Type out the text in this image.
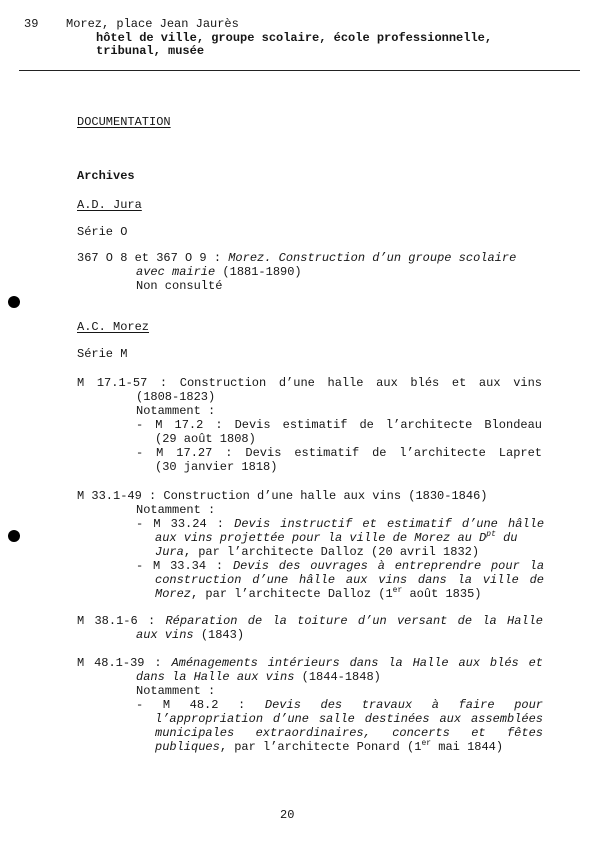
39 Morez, place Jean Jaurès
hôtel de ville, groupe scolaire, école professionnelle,
tribunal, musée
DOCUMENTATION
Archives
A.D. Jura
Série O
367 O 8 et 367 O 9 : Morez. Construction d’un groupe scolaire
avec mairie (1881-1890)
Non consulté
A.C. Morez
Série M
M 17.1-57 : Construction d’une halle aux blés et aux vins
(1808-1823)
Notamment :
- M 17.2 : Devis estimatif de l’architecte Blondeau
(29 août 1808)
- M 17.27 : Devis estimatif de l’architecte Lapret
(30 janvier 1818)
M 33.1-49 : Construction d’une halle aux vins (1830-1846)
Notamment :
- M 33.24 : Devis instructif et estimatif d’une hâlle
aux vins projettée pour la ville de Morez au $D^{pt}$ du
Jura, par l’architecte Dalloz (20 avril 1832)
- M 33.34 : Devis des ouvrages à entreprendre pour la
construction d’une hâlle aux vins dans la ville de
Morez, par l’architecte Dalloz (1er août 1835)
M 38.1-6 : Réparation de la toiture d’un versant de la Halle
aux vins (1843)
M 48.1-39 : Aménagements intérieurs dans la Halle aux blés et
dans la Halle aux vins (1844-1848)
Notamment :
- M 48.2 : Devis des travaux à faire pour
l’appropriation d’une salle destinées aux assemblées
municipales extraordinaires, concerts et fêtes
publiques, par l’architecte Ponard (1er mai 1844)
20
